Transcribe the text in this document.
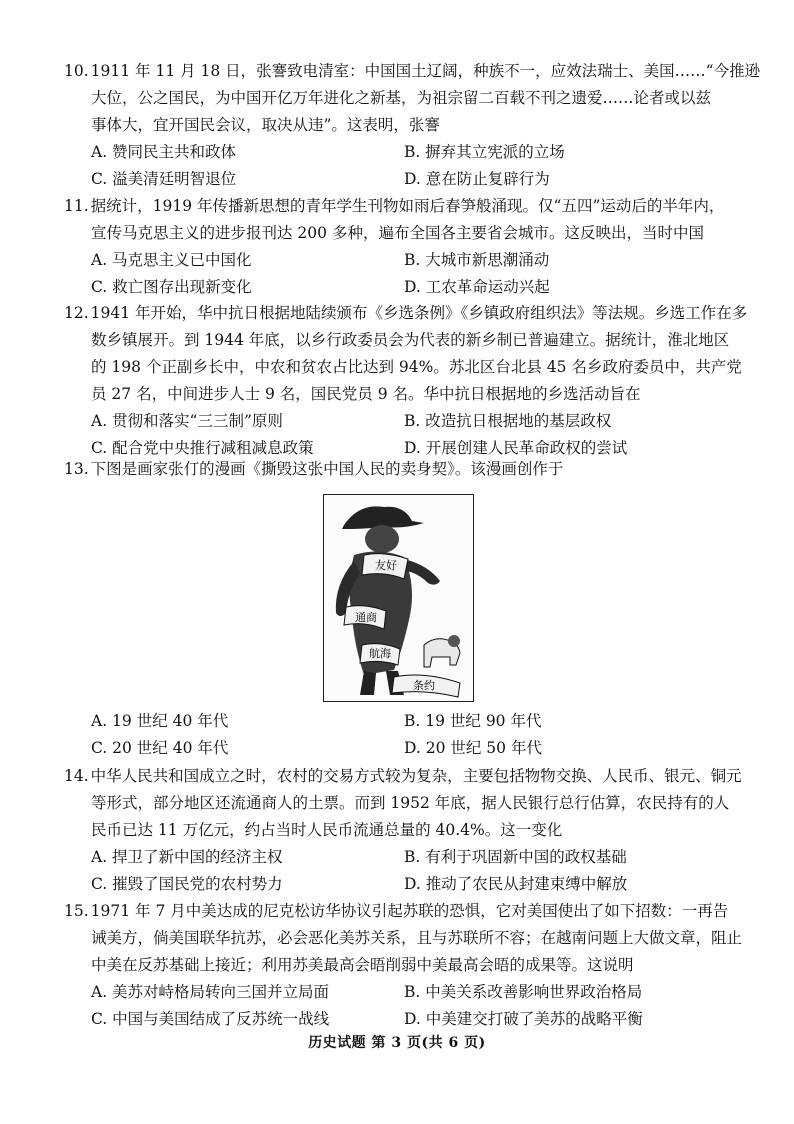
10. 1911 年 11 月 18 日，张謇致电清室：中国国土辽阔，种族不一，应效法瑞士、美国……“今推逊
大位，公之国民，为中国开亿万年进化之新基，为祖宗留二百载不刊之遗爱……论者或以兹
事体大，宜开国民会议，取决从违”。这表明，张謇

A. 赞同民主共和政体	B. 摒弃其立宪派的立场
C. 溢美清廷明智退位	D. 意在防止复辟行为

11. 据统计，1919 年传播新思想的青年学生刊物如雨后春笋般涌现。仅“五四”运动后的半年内，
宣传马克思主义的进步报刊达 200 多种，遍布全国各主要省会城市。这反映出，当时中国

A. 马克思主义已中国化	B. 大城市新思潮涌动
C. 救亡图存出现新变化	D. 工农革命运动兴起

12. 1941 年开始，华中抗日根据地陆续颁布《乡选条例》《乡镇政府组织法》等法规。乡选工作在多
数乡镇展开。到 1944 年底，以乡行政委员会为代表的新乡制已普遍建立。据统计，淮北地区
的 198 个正副乡长中，中农和贫农占比达到 94%。苏北区台北县 45 名乡政府委员中，共产党
员 27 名，中间进步人士 9 名，国民党员 9 名。华中抗日根据地的乡选活动旨在

A. 贯彻和落实“三三制”原则	B. 改造抗日根据地的基层政权
C. 配合党中央推行减租减息政策	D. 开展创建人民革命政权的尝试

13. 下图是画家张仃的漫画《撕毁这张中国人民的卖身契》。该漫画创作于

友好
通商
航海
条约
A. 19 世纪 40 年代	B. 19 世纪 90 年代
C. 20 世纪 40 年代	D. 20 世纪 50 年代

14. 中华人民共和国成立之时，农村的交易方式较为复杂，主要包括物物交换、人民币、银元、铜元
等形式，部分地区还流通商人的土票。而到 1952 年底，据人民银行总行估算，农民持有的人
民币已达 11 万亿元，约占当时人民币流通总量的 40.4%。这一变化

A. 捍卫了新中国的经济主权	B. 有利于巩固新中国的政权基础
C. 摧毁了国民党的农村势力	D. 推动了农民从封建束缚中解放

15. 1971 年 7 月中美达成的尼克松访华协议引起苏联的恐惧，它对美国使出了如下招数：一再告
诫美方，倘美国联华抗苏，必会恶化美苏关系，且与苏联所不容；在越南问题上大做文章，阻止
中美在反苏基础上接近；利用苏美最高会晤削弱中美最高会晤的成果等。这说明

A. 美苏对峙格局转向三国并立局面	B. 中美关系改善影响世界政治格局
C. 中国与美国结成了反苏统一战线	D. 中美建交打破了美苏的战略平衡
历史试题 第 3 页(共 6 页)
